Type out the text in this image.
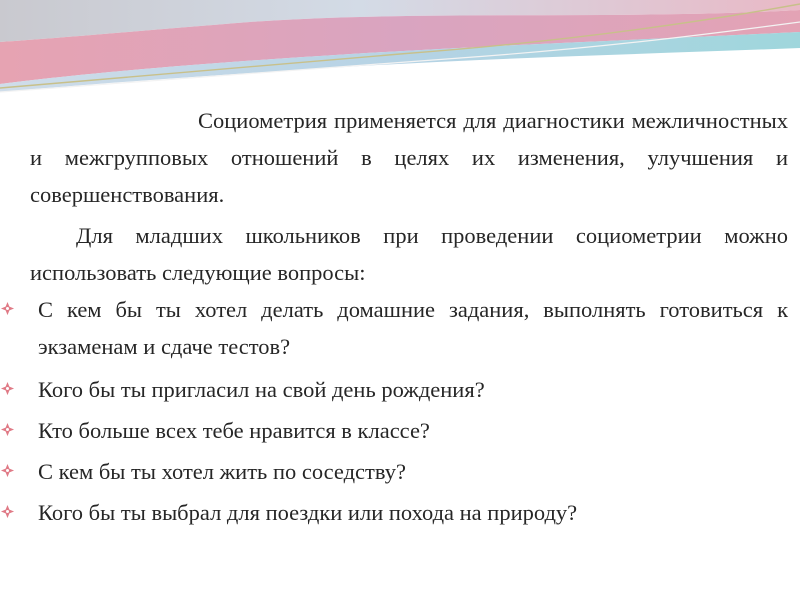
Социометрия применяется для диагностики межличностных и межгрупповых отношений в целях их изменения, улучшения и совершенствования.

Для младших школьников при проведении социометрии можно использовать следующие вопросы:

С кем бы ты хотел делать домашние задания, выполнять готовиться к экзаменам и сдаче тестов?
Кого бы ты пригласил на свой день рождения?
Кто больше всех тебе нравится в классе?
С кем бы ты хотел жить по соседству?
Кого бы ты выбрал для поездки или похода на природу?
